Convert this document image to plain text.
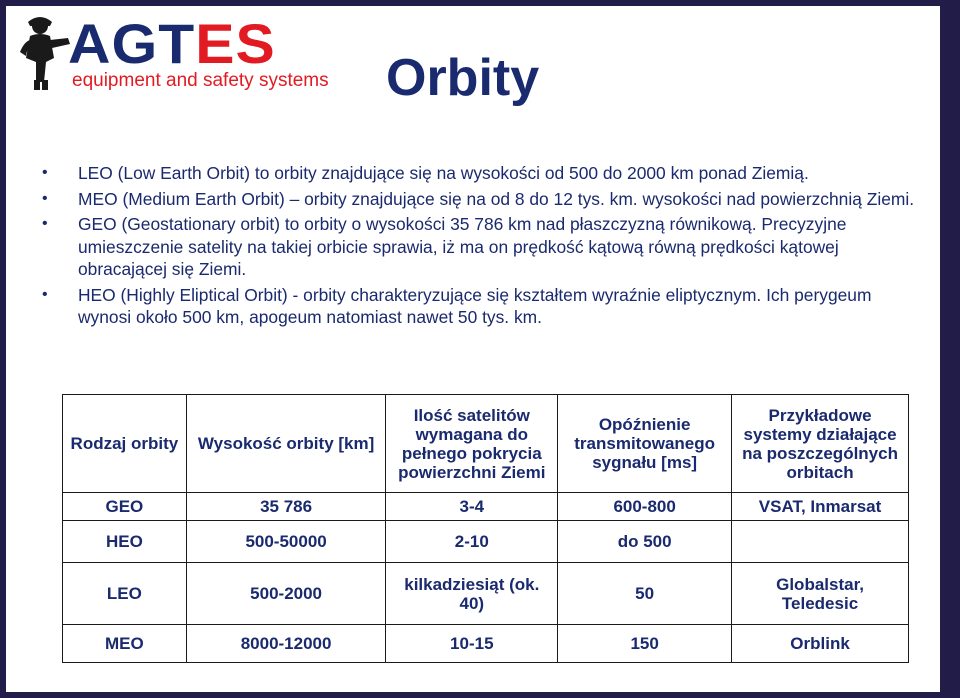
AGTES
equipment and safety systems Orbity
• LEO (Low Earth Orbit) to orbity znajdujące się na wysokości od 500 do 2000 km ponad Ziemią.
• MEO (Medium Earth Orbit) – orbity znajdujące się na od 8 do 12 tys. km. wysokości nad powierzchnią Ziemi.
• GEO (Geostationary orbit) to orbity o wysokości 35 786 km nad płaszczyzną równikową. Precyzyjne umieszczenie satelity na takiej orbicie sprawia, iż ma on prędkość kątową równą prędkości kątowej obracającej się Ziemi.
• HEO (Highly Eliptical Orbit) - orbity charakteryzujące się kształtem wyraźnie eliptycznym. Ich perygeum wynosi około 500 km, apogeum natomiast nawet 50 tys. km.
Rodzaj orbity	Wysokość orbity [km]	Ilość satelitów wymagana do pełnego pokrycia powierzchni Ziemi	Opóźnienie transmitowanego sygnału [ms]	Przykładowe systemy działające na poszczególnych orbitach
GEO	35 786	3-4	600-800	VSAT, Inmarsat
HEO	500-50000	2-10	do 500	
LEO	500-2000	kilkadziesiąt (ok. 40)	50	Globalstar, Teledesic
MEO	8000-12000	10-15	150	Orblink
